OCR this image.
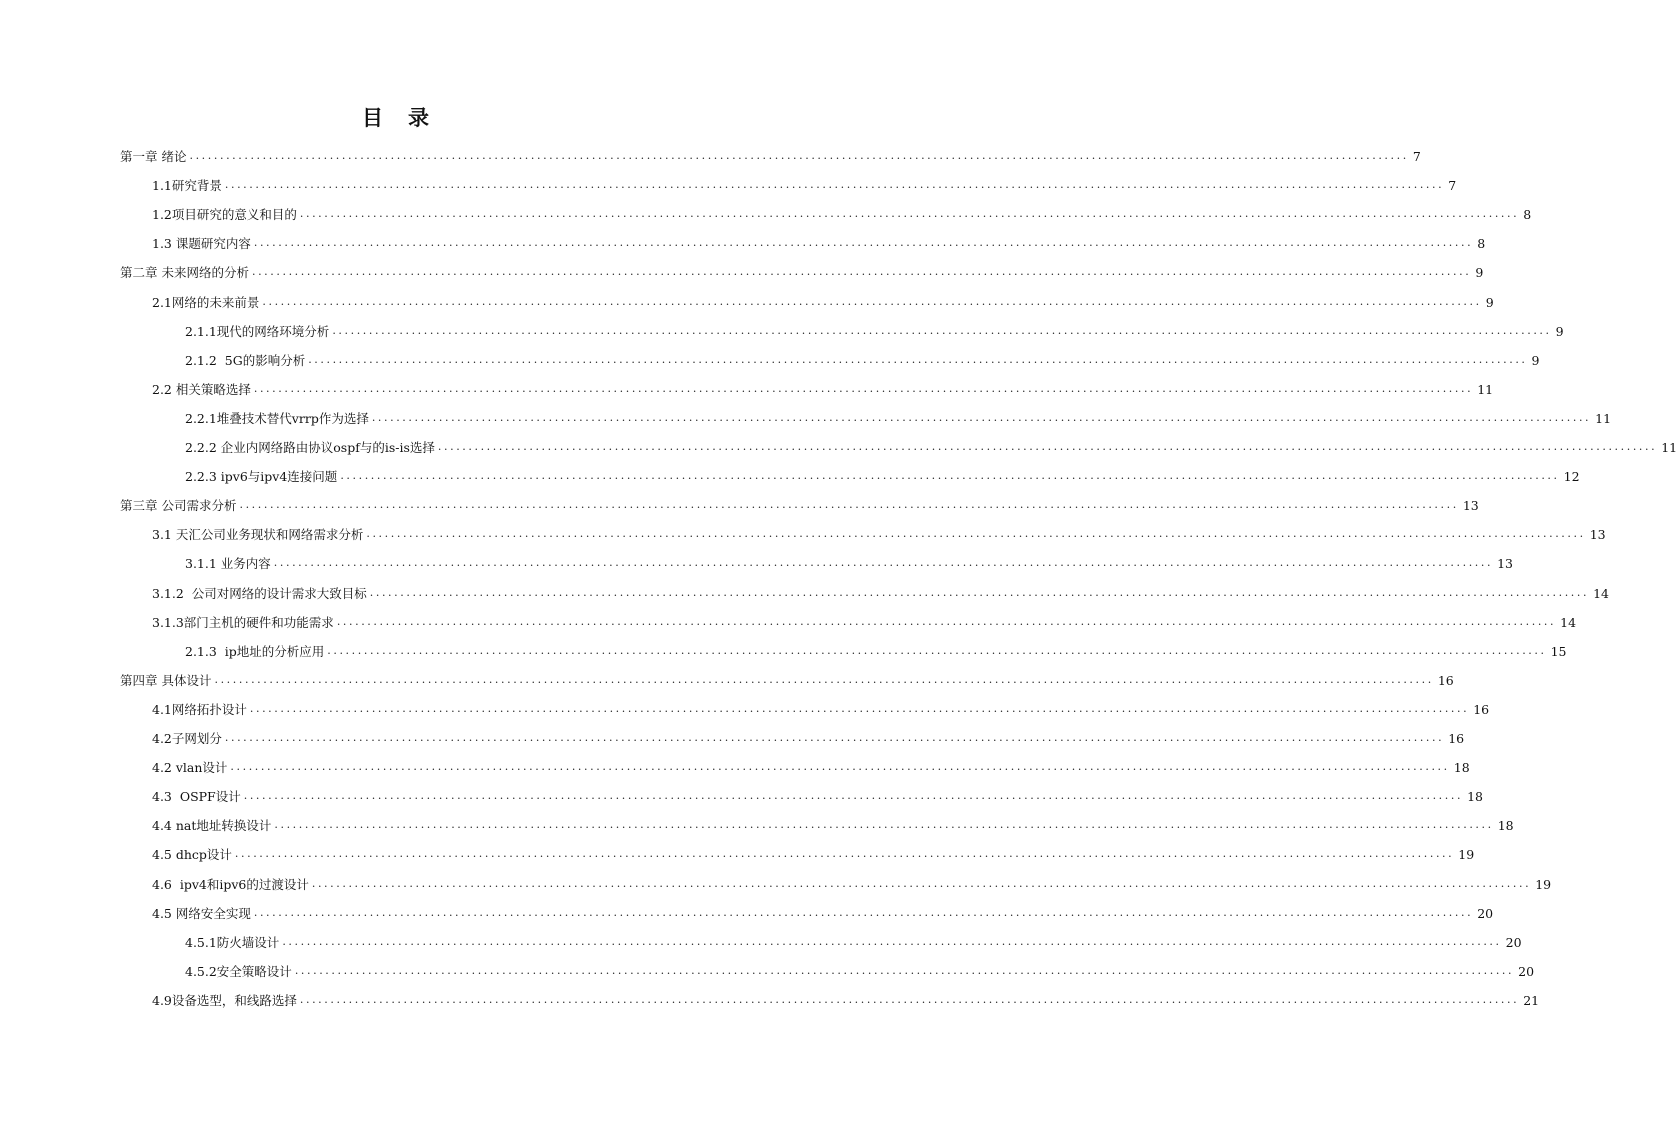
目　录
第一章 绪论 ........................................................................................................................................................................................................ 7
1.1研究背景 ........................................................................................................................................................................................................ 7
1.2项目研究的意义和目的 ........................................................................................................................................................................................................ 8
1.3 课题研究内容 ........................................................................................................................................................................................................ 8
第二章 未来网络的分析 ........................................................................................................................................................................................................ 9
2.1网络的未来前景 ........................................................................................................................................................................................................ 9
2.1.1现代的网络环境分析 ........................................................................................................................................................................................................ 9
2.1.2  5G的影响分析 ........................................................................................................................................................................................................ 9
2.2 相关策略选择 ........................................................................................................................................................................................................ 11
2.2.1堆叠技术替代vrrp作为选择 ........................................................................................................................................................................................................ 11
2.2.2 企业内网络路由协议ospf与的is-is选择 ........................................................................................................................................................................................................ 11
2.2.3 ipv6与ipv4连接问题 ........................................................................................................................................................................................................ 12
第三章 公司需求分析 ........................................................................................................................................................................................................ 13
3.1 天汇公司业务现状和网络需求分析 ........................................................................................................................................................................................................ 13
3.1.1 业务内容 ........................................................................................................................................................................................................ 13
3.1.2  公司对网络的设计需求大致目标 ........................................................................................................................................................................................................ 14
3.1.3部门主机的硬件和功能需求 ........................................................................................................................................................................................................ 14
2.1.3  ip地址的分析应用 ........................................................................................................................................................................................................ 15
第四章 具体设计 ........................................................................................................................................................................................................ 16
4.1网络拓扑设计 ........................................................................................................................................................................................................ 16
4.2子网划分 ........................................................................................................................................................................................................ 16
4.2 vlan设计 ........................................................................................................................................................................................................ 18
4.3  OSPF设计 ........................................................................................................................................................................................................ 18
4.4 nat地址转换设计 ........................................................................................................................................................................................................ 18
4.5 dhcp设计 ........................................................................................................................................................................................................ 19
4.6  ipv4和ipv6的过渡设计 ........................................................................................................................................................................................................ 19
4.5 网络安全实现 ........................................................................................................................................................................................................ 20
4.5.1防火墙设计 ........................................................................................................................................................................................................ 20
4.5.2安全策略设计 ........................................................................................................................................................................................................ 20
4.9设备选型，和线路选择 ........................................................................................................................................................................................................ 21
